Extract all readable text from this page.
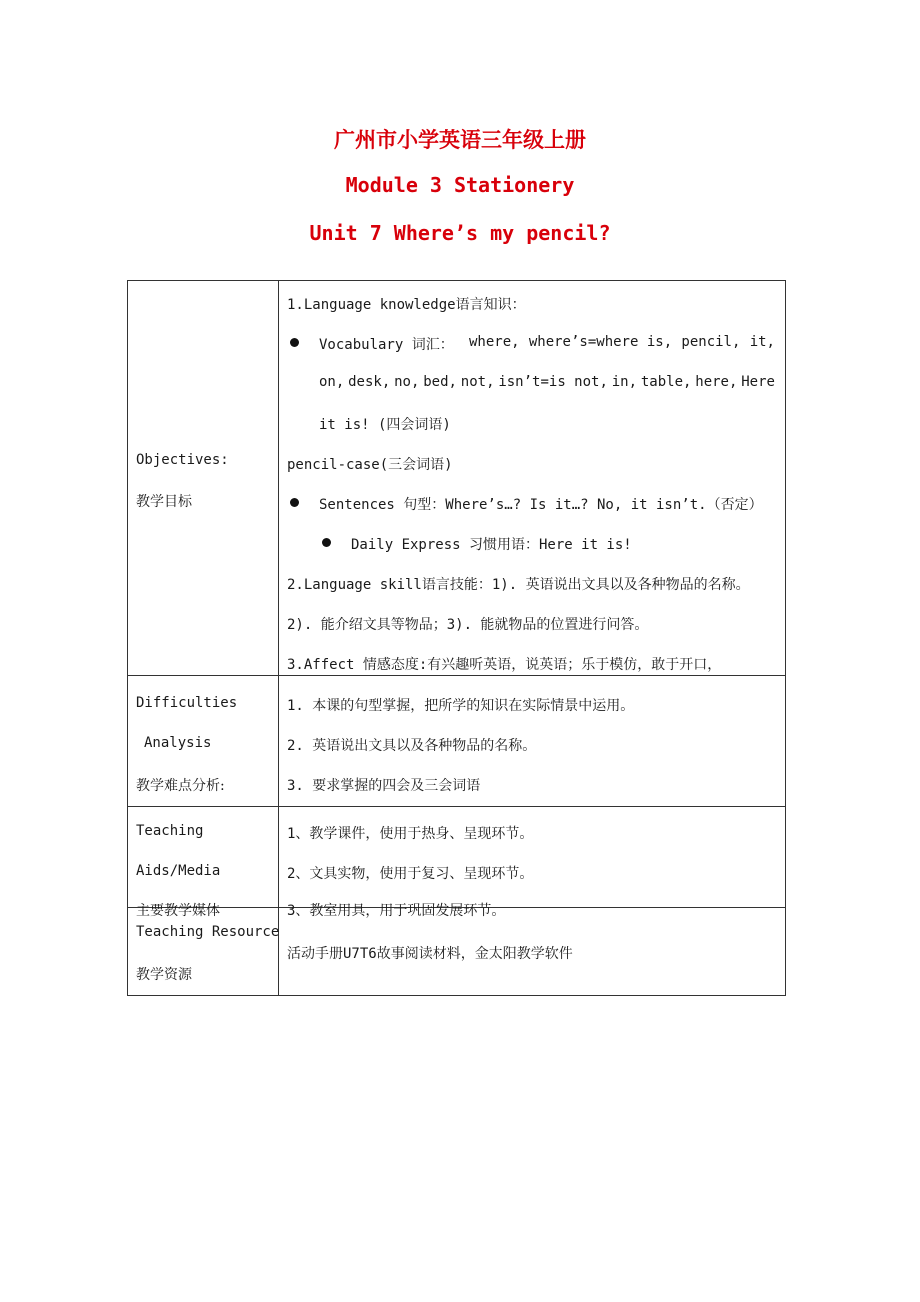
广州市小学英语三年级上册
Module 3 Stationery
Unit 7 Where’s my pencil?
Objectives:
教学目标
1.Language knowledge语言知识：
Vocabulary 词汇： where, where’s=where is, pencil, it,
on, desk, no, bed, not, isn’t=is not, in, table, here, Here
it is! (四会词语)
pencil-case(三会词语)
Sentences 句型：Where’s…? Is it…? No, it isn’t.（否定）
Daily Express 习惯用语：Here it is!
2.Language skill语言技能：1). 英语说出文具以及各种物品的名称。
2). 能介绍文具等物品；3). 能就物品的位置进行问答。
3.Affect 情感态度:有兴趣听英语，说英语；乐于模仿，敢于开口，
Difficulties
Analysis
教学难点分析:
1. 本课的句型掌握，把所学的知识在实际情景中运用。
2. 英语说出文具以及各种物品的名称。
3. 要求掌握的四会及三会词语
Teaching
Aids/Media
主要教学媒体
1、教学课件，使用于热身、呈现环节。
2、文具实物，使用于复习、呈现环节。
3、教室用具，用于巩固发展环节。
Teaching Resource
教学资源
活动手册U7T6故事阅读材料，金太阳教学软件
